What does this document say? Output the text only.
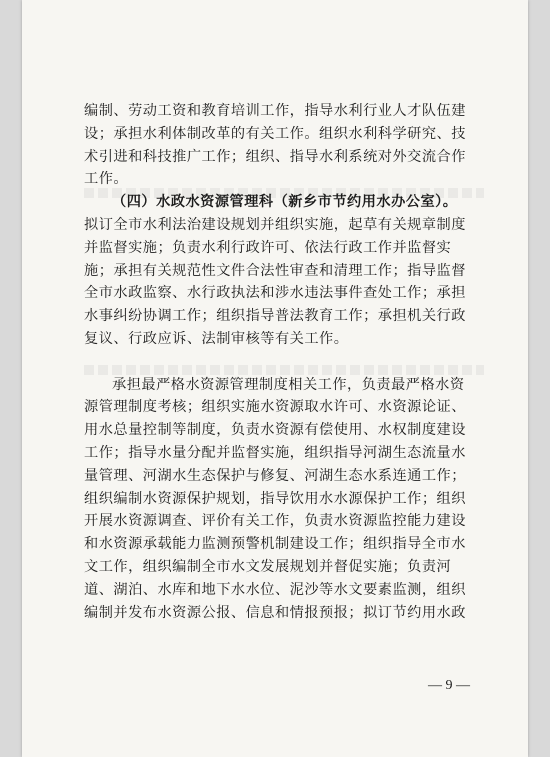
编制、劳动工资和教育培训工作，指导水利行业人才队伍建
设；承担水利体制改革的有关工作。组织水利科学研究、技
术引进和科技推广工作；组织、指导水利系统对外交流合作
工作。
（四）水政水资源管理科（新乡市节约用水办公室）。
拟订全市水利法治建设规划并组织实施，起草有关规章制度
并监督实施；负责水利行政许可、依法行政工作并监督实
施；承担有关规范性文件合法性审查和清理工作；指导监督
全市水政监察、水行政执法和涉水违法事件查处工作；承担
水事纠纷协调工作；组织指导普法教育工作；承担机关行政
复议、行政应诉、法制审核等有关工作。
承担最严格水资源管理制度相关工作，负责最严格水资
源管理制度考核；组织实施水资源取水许可、水资源论证、
用水总量控制等制度，负责水资源有偿使用、水权制度建设
工作；指导水量分配并监督实施，组织指导河湖生态流量水
量管理、河湖水生态保护与修复、河湖生态水系连通工作；
组织编制水资源保护规划，指导饮用水水源保护工作；组织
开展水资源调查、评价有关工作，负责水资源监控能力建设
和水资源承载能力监测预警机制建设工作；组织指导全市水
文工作，组织编制全市水文发展规划并督促实施；负责河
道、湖泊、水库和地下水水位、泥沙等水文要素监测，组织
编制并发布水资源公报、信息和情报预报；拟订节约用水政
— 9 —
